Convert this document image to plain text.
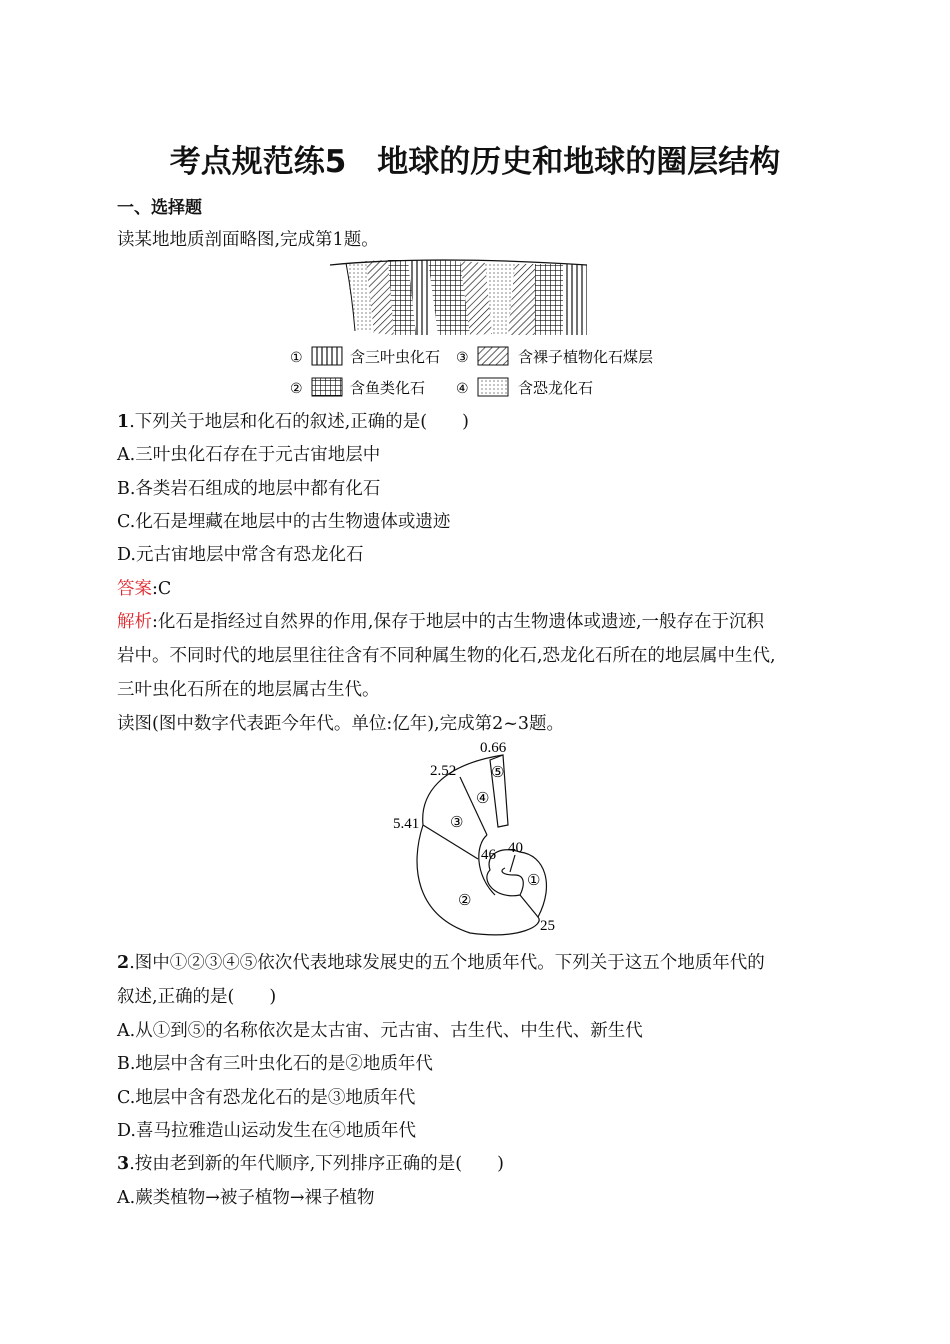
考点规范练5　地球的历史和地球的圈层结构
一、选择题
读某地地质剖面略图,完成第1题。
①	含三叶虫化石
②	含鱼类化石
③	含裸子植物化石煤层
④	含恐龙化石
1.下列关于地层和化石的叙述,正确的是(　　)
A.三叶虫化石存在于元古宙地层中
B.各类岩石组成的地层中都有化石
C.化石是埋藏在地层中的古生物遗体或遗迹
D.元古宙地层中常含有恐龙化石
答案:C
解析:化石是指经过自然界的作用,保存于地层中的古生物遗体或遗迹,一般存在于沉积
岩中。不同时代的地层里往往含有不同种属生物的化石,恐龙化石所在的地层属中生代,
三叶虫化石所在的地层属古生代。
读图(图中数字代表距今年代。单位:亿年),完成第2~3题。
0.66
2.52
5.41
46 40
25
①
②
③
④
⑤
2.图中①②③④⑤依次代表地球发展史的五个地质年代。下列关于这五个地质年代的
叙述,正确的是(　　)
A.从①到⑤的名称依次是太古宙、元古宙、古生代、中生代、新生代
B.地层中含有三叶虫化石的是②地质年代
C.地层中含有恐龙化石的是③地质年代
D.喜马拉雅造山运动发生在④地质年代
3.按由老到新的年代顺序,下列排序正确的是(　　)
A.蕨类植物→被子植物→裸子植物
